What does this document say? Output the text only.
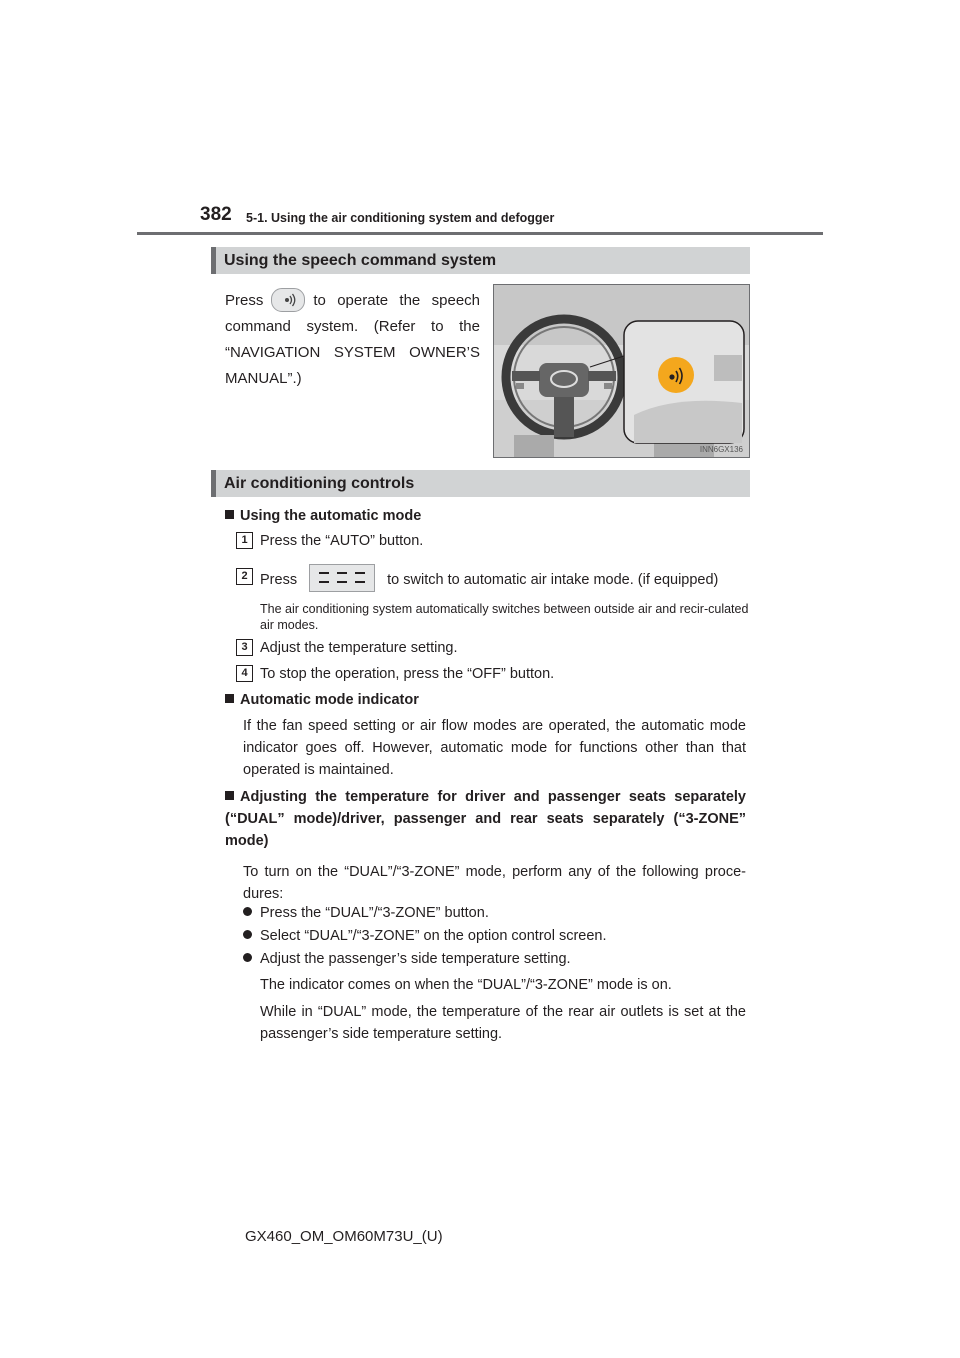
382 5-1. Using the air conditioning system and defogger
Using the speech command system
Press	to operate the speech command system. (Refer to the “NAVIGATION SYSTEM OWNER’S MANUAL”.)
INN6GX136
Air conditioning controls
Using the automatic mode
1 Press the “AUTO” button.
2 Press	to switch to automatic air intake mode. (if equipped)
The air conditioning system automatically switches between outside air and recir-culated air modes.
3 Adjust the temperature setting.
4 To stop the operation, press the “OFF” button.
Automatic mode indicator
If the fan speed setting or air flow modes are operated, the automatic mode indicator goes off. However, automatic mode for functions other than that operated is maintained.
Adjusting the temperature for driver and passenger seats separately (“DUAL” mode)/driver, passenger and rear seats separately (“3-ZONE” mode)
To turn on the “DUAL”/“3-ZONE” mode, perform any of the following proce-dures:
Press the “DUAL”/“3-ZONE” button.
Select “DUAL”/“3-ZONE” on the option control screen.
Adjust the passenger’s side temperature setting.
The indicator comes on when the “DUAL”/“3-ZONE” mode is on.
While in “DUAL” mode, the temperature of the rear air outlets is set at the passenger’s side temperature setting.
GX460_OM_OM60M73U_(U)
